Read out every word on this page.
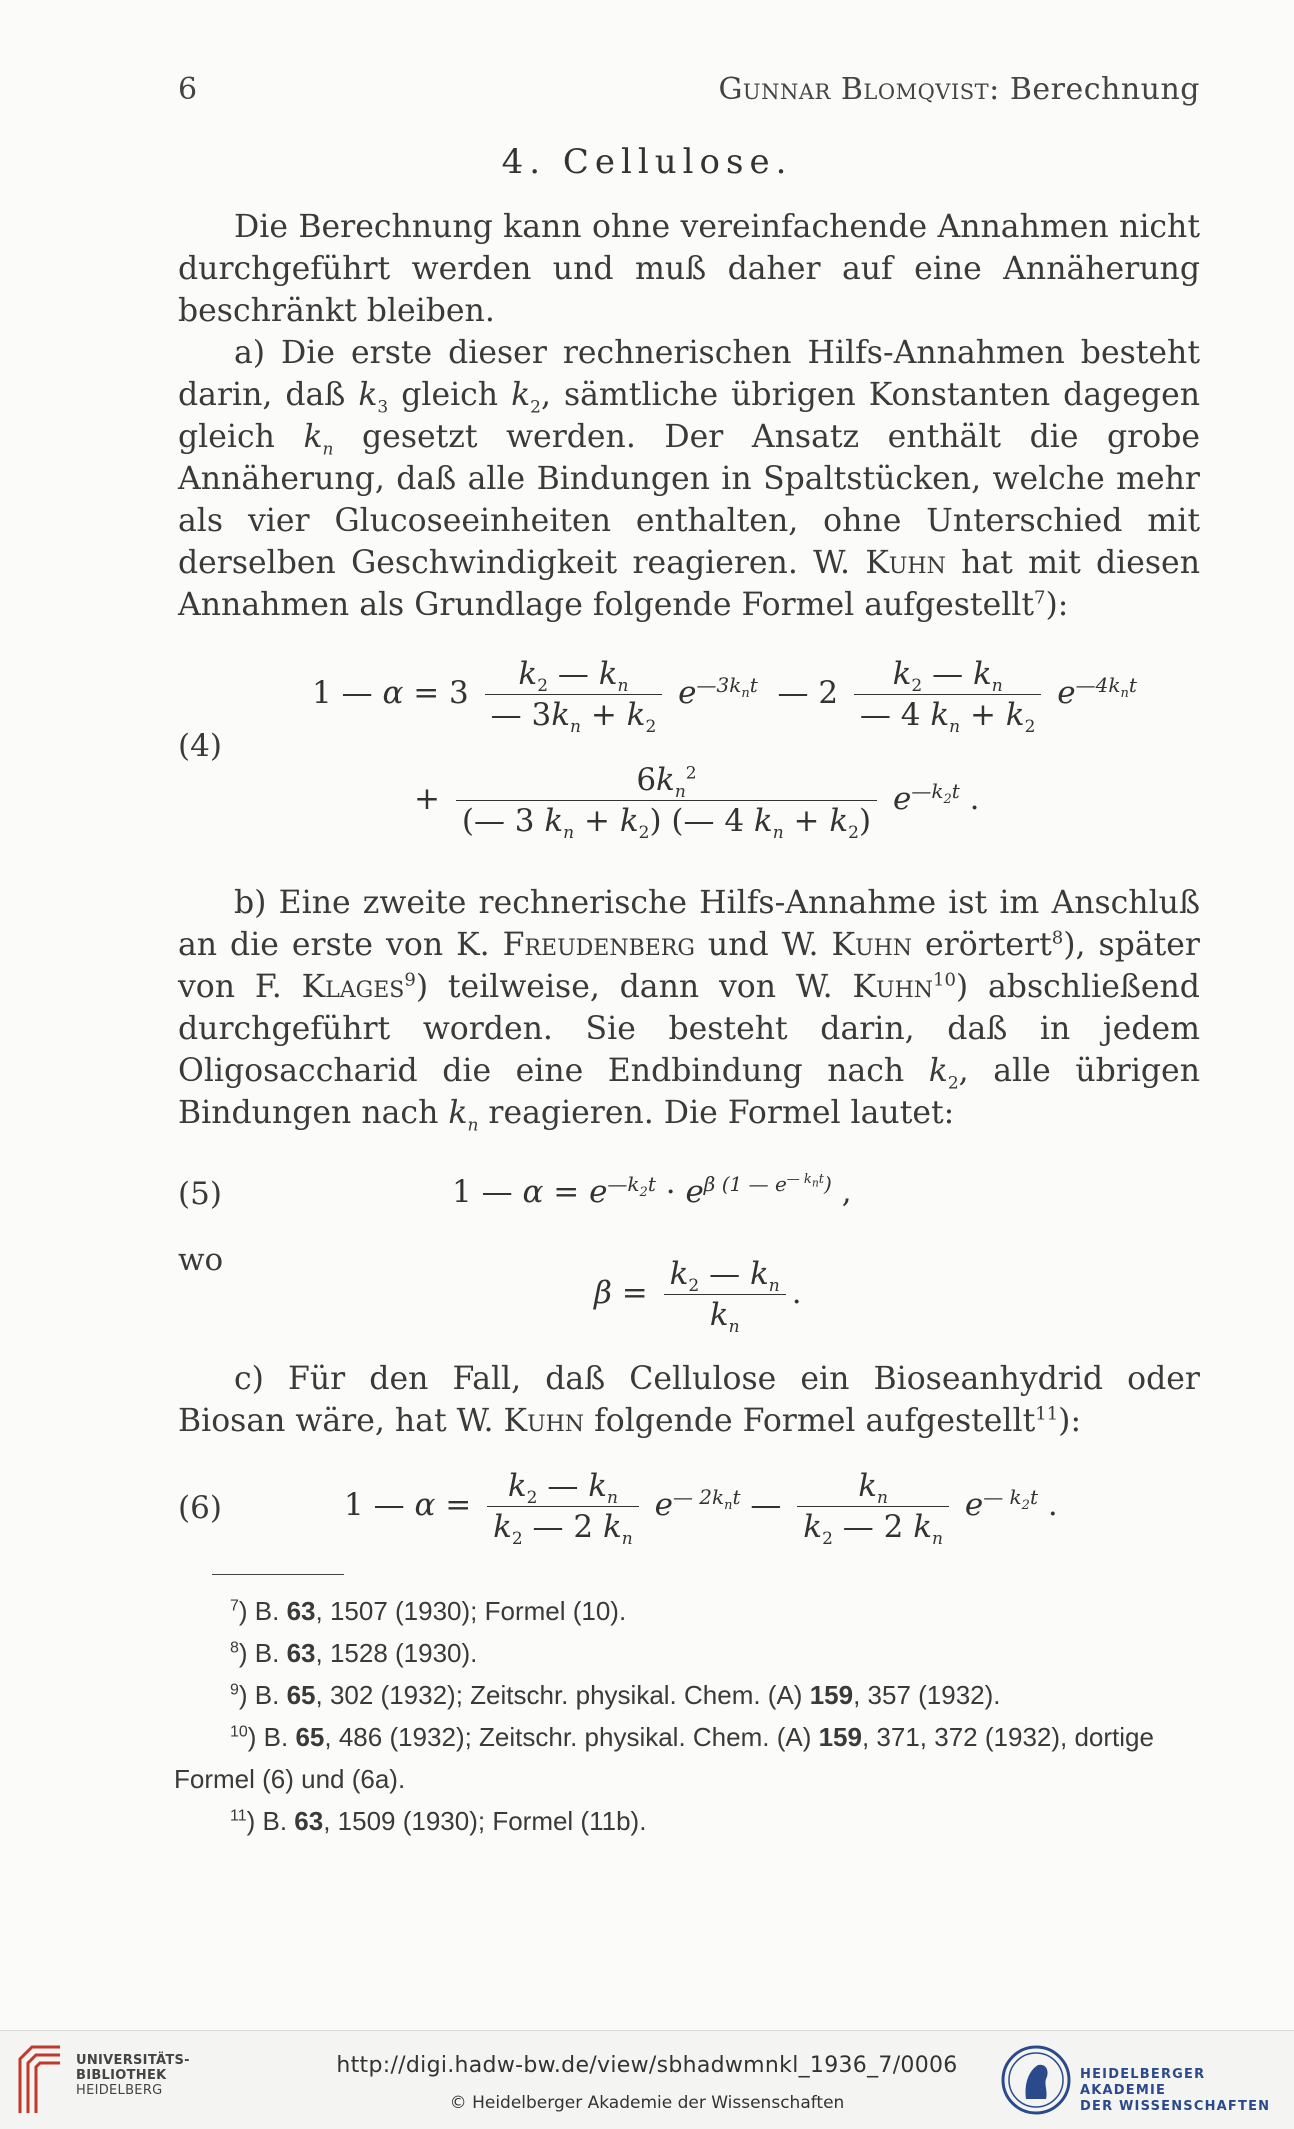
6	Gunnar Blomqvist: Berechnung
4. Cellulose.

Die Berechnung kann ohne vereinfachende Annahmen nicht durchgeführt werden und muß daher auf eine Annäherung beschränkt bleiben.

a) Die erste dieser rechnerischen Hilfs-Annahmen besteht darin, daß $k_3$ gleich $k_2$, sämtliche übrigen Konstanten dagegen gleich $k_n$ gesetzt werden. Der Ansatz enthält die grobe Annäherung, daß alle Bindungen in Spaltstücken, welche mehr als vier Glucoseeinheiten enthalten, ohne Unterschied mit derselben Geschwindigkeit reagieren. W. Kuhn hat mit diesen Annahmen als Grundlage folgende Formel aufgestellt$^7$):

(4)
1 — $\alpha = 3 \frac{k_2 — k_n}{— 3k_n + k_2} e^{—3k_nt}$  — $2 \frac{k_2 — k_n}{— 4 k_n + k_2} e^{—4k_nt}$
+ $\frac{6k_n^2}{(— 3 k_n + k_2) (— 4 k_n + k_2)} e^{—k_2t}$ .

b) Eine zweite rechnerische Hilfs-Annahme ist im Anschluß an die erste von K. Freudenberg und W. Kuhn erörtert$^8$), später von F. Klages$^9$) teilweise, dann von W. Kuhn$^{10}$) abschließend durchgeführt worden. Sie besteht darin, daß in jedem Oligosaccharid die eine Endbindung nach $k_2$, alle übrigen Bindungen nach $k_n$ reagieren. Die Formel lautet:

(5)	1 — $\alpha = e^{—k_2t} \cdot e^{\beta (1 — e^{— k_nt})}$ ,
wo
$\beta = \frac{k_2 — k_n}{k_n}$ .

c) Für den Fall, daß Cellulose ein Bioseanhydrid oder Biosan wäre, hat W. Kuhn folgende Formel aufgestellt$^{11}$):

(6)	1 — $\alpha = \frac{k_2 — k_n}{k_2 — 2 k_n} e^{— 2k_nt}$ — $\frac{k_n}{k_2 — 2 k_n} e^{— k_2t}$ .
$^7$) B. 63, 1507 (1930); Formel (10).
$^8$) B. 63, 1528 (1930).
$^9$) B. 65, 302 (1932); Zeitschr. physikal. Chem. (A) 159, 357 (1932).
$^{10}$) B. 65, 486 (1932); Zeitschr. physikal. Chem. (A) 159, 371, 372 (1932), dortige Formel (6) und (6a).
$^{11}$) B. 63, 1509 (1930); Formel (11b).
UNIVERSITÄTS-
BIBLIOTHEK
HEIDELBERG
http://digi.hadw-bw.de/view/sbhadwmnkl_1936_7/0006
© Heidelberger Akademie der Wissenschaften
HEIDELBERGER AKADEMIE
DER WISSENSCHAFTEN
